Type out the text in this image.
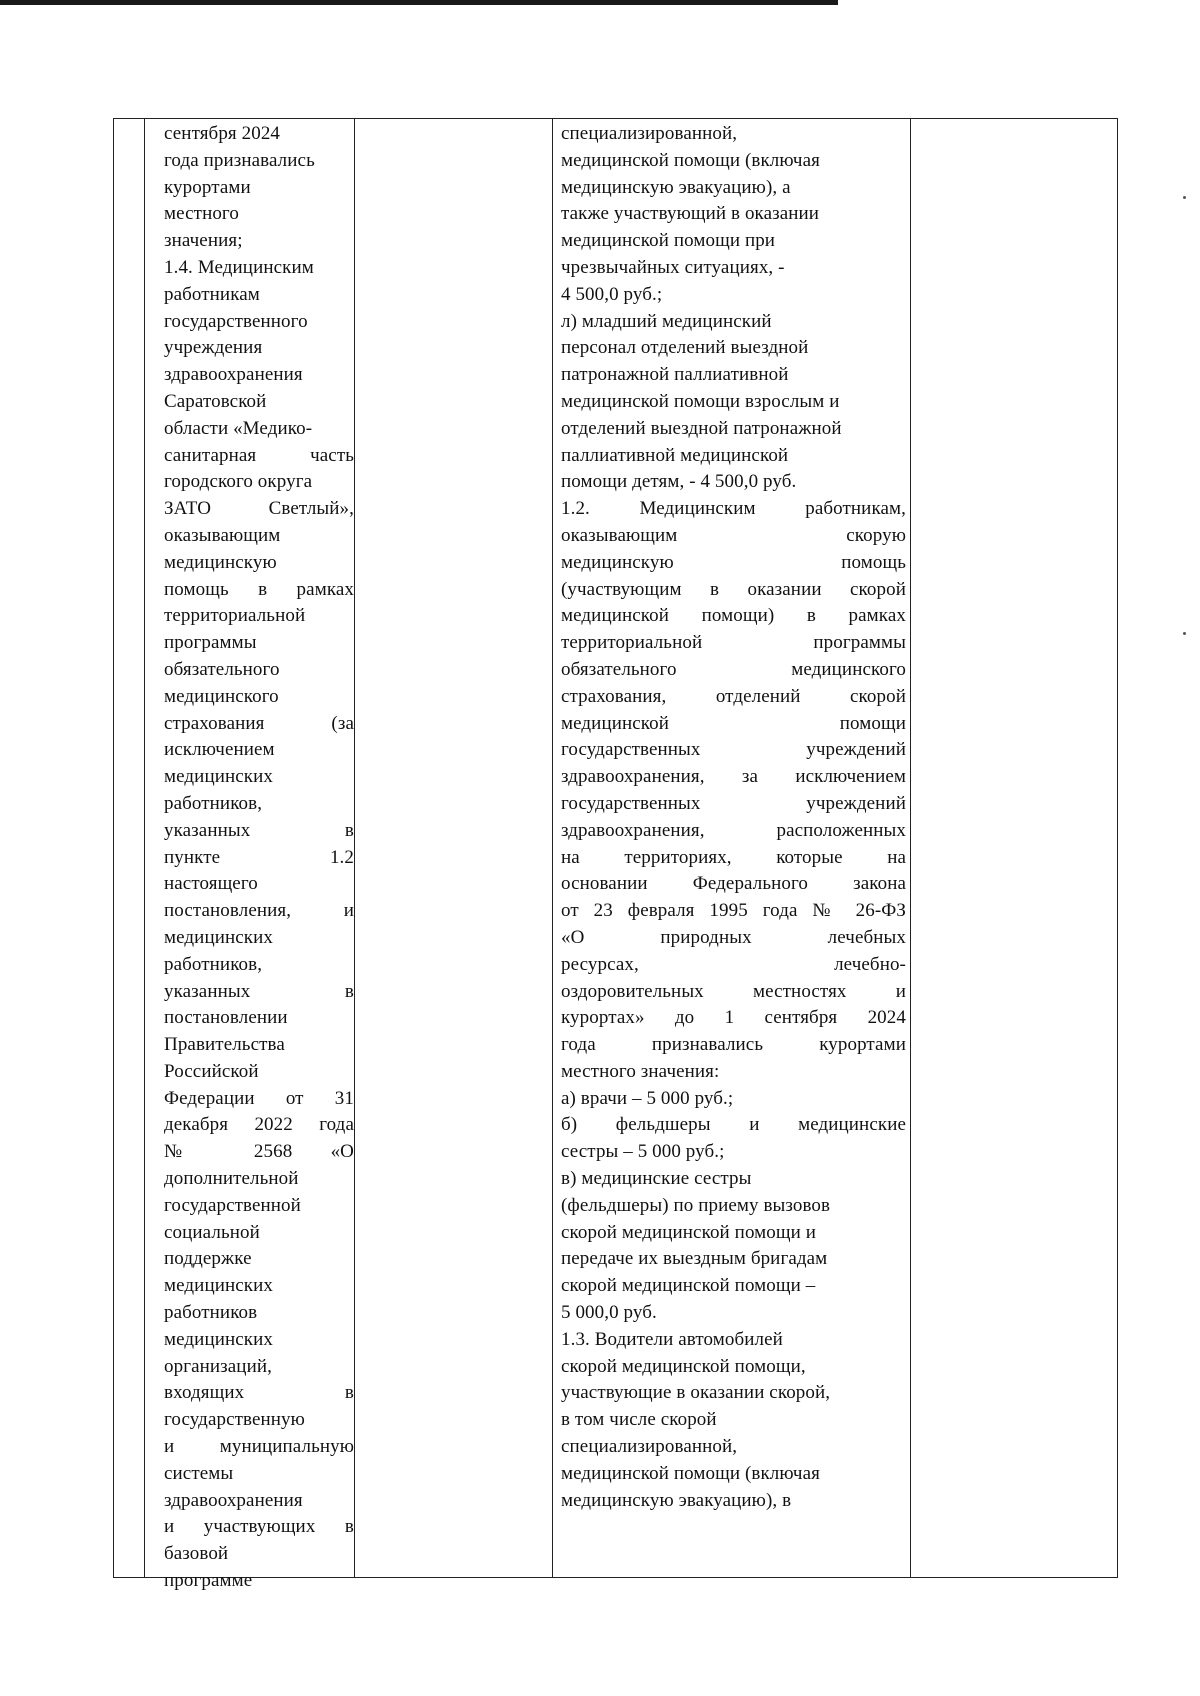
сентября 2024
года признавались
курортами
местного
значения;
1.4. Медицинским
работникам
государственного
учреждения
здравоохранения
Саратовской
области «Медико-
санитарная часть
городского округа
ЗАТО Светлый»,
оказывающим
медицинскую
помощь в рамках
территориальной
программы
обязательного
медицинского
страхования (за
исключением
медицинских
работников,
указанных в
пункте 1.2
настоящего
постановления, и
медицинских
работников,
указанных в
постановлении
Правительства
Российской
Федерации от 31
декабря 2022 года
№ 2568 «О
дополнительной
государственной
социальной
поддержке
медицинских
работников
медицинских
организаций,
входящих в
государственную
и муниципальную
системы
здравоохранения
и участвующих в
базовой
программе
специализированной,
медицинской помощи (включая
медицинскую эвакуацию), а
также участвующий в оказании
медицинской помощи при
чрезвычайных ситуациях, -
4 500,0 руб.;
л) младший медицинский
персонал отделений выездной
патронажной паллиативной
медицинской помощи взрослым и
отделений выездной патронажной
паллиативной медицинской
помощи детям, - 4 500,0 руб.
1.2. Медицинским работникам,
оказывающим скорую
медицинскую помощь
(участвующим в оказании скорой
медицинской помощи) в рамках
территориальной программы
обязательного медицинского
страхования, отделений скорой
медицинской помощи
государственных учреждений
здравоохранения, за исключением
государственных учреждений
здравоохранения, расположенных
на территориях, которые на
основании Федерального закона
от 23 февраля 1995 года № 26-ФЗ
«О природных лечебных
ресурсах, лечебно-
оздоровительных местностях и
курортах» до 1 сентября 2024
года признавались курортами
местного значения:
а) врачи – 5 000 руб.;
б) фельдшеры и медицинские
сестры – 5 000 руб.;
в) медицинские сестры
(фельдшеры) по приему вызовов
скорой медицинской помощи и
передаче их выездным бригадам
скорой медицинской помощи –
5 000,0 руб.
1.3. Водители автомобилей
скорой медицинской помощи,
участвующие в оказании скорой,
в том числе скорой
специализированной,
медицинской помощи (включая
медицинскую эвакуацию), в
